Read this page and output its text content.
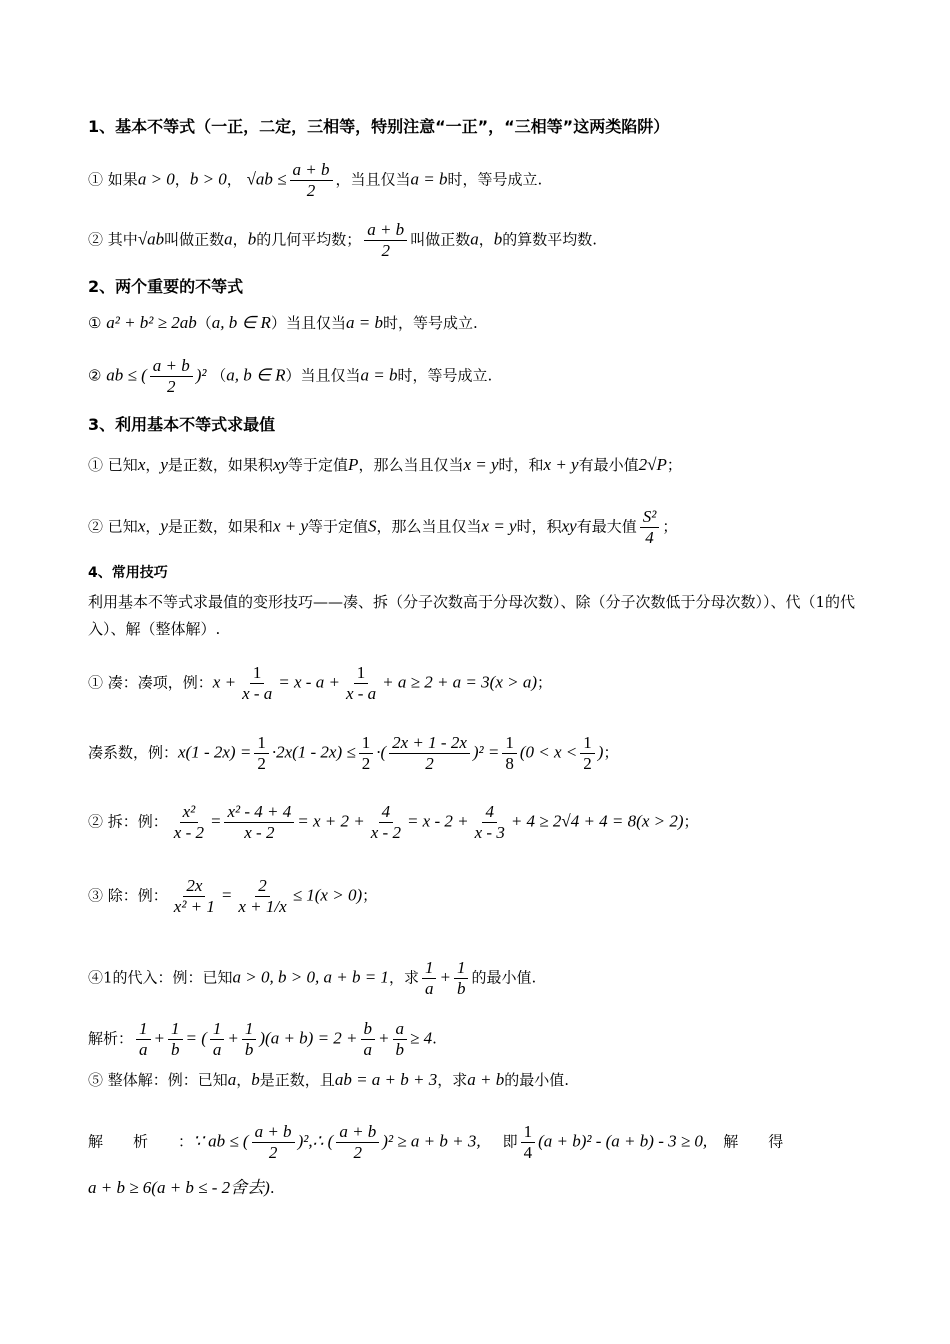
1、基本不等式（一正，二定，三相等，特别注意“一正”，“三相等”这两类陷阱）
① 如果a > 0，b > 0， $√ab \le \frac{a + b}{2}$ ，当且仅当a = b时，等号成立.
② 其中√ab叫做正数a，b的几何平均数； $\frac{a + b}{2}$ 叫做正数a，b的算数平均数.
2、两个重要的不等式
① a² + b² ≥ 2ab（a, b ∈ R）当且仅当a = b时，等号成立.
② ab ≤ ( $\frac{a + b}{2} )^2$ （a, b ∈ R）当且仅当a = b时，等号成立.
3、利用基本不等式求最值
① 已知x，y是正数，如果积xy等于定值P，那么当且仅当x = y时，和x + y有最小值2√P；
② 已知x，y是正数，如果和x + y等于定值S，那么当且仅当x = y时，积xy有最大值 $\frac{\text{S²}}{4}$ ；
4、常用技巧
利用基本不等式求最值的变形技巧——凑、拆（分子次数高于分母次数）、除（分子次数低于分母次数））、代（1的代入）、解（整体解）.
① 凑：凑项，例：$x + \frac{1}{x - a} = x - a + \frac{1}{x - a} + a \ge 2 + a = 3(x > a)$；
凑系数，例：$x(1 - 2x) = \frac{1}{2} \cdot 2x(1 - 2x) \le \frac{1}{2}$ ·( $\frac{2x + 1 - 2x}{2} )^2 = \frac{1}{8} (0 < x < \frac{1}{2}$ )；
② 拆：例： $\frac{\text{x²}}{x - 2} = \frac{\text{x² - 4 + 4}}{x - 2} = x + 2 + \frac{4}{x - 2} = x - 2 + \frac{4}{x - 3} + 4 \ge 2√4 + 4 = 8(x > 2)$；
③ 除：例： $\frac{2x}{\text{x² + 1}} = \frac{2}{x + 1/x} \le 1(x > 0)$；
④1的代入：例：已知a > 0, b > 0, a + b = 1，求 $\frac{1}{a} + \frac{1}{b}$ 的最小值.
解析： $\frac{1}{a} + \frac{1}{b}$ = ( $\frac{1}{a} + \frac{1}{b} )(a + b) = 2 + \frac{b}{a} + \frac{a}{b} \ge 4$.
⑤ 整体解：例：已知a，b是正数，且ab = a + b + 3，求a + b的最小值.
解　　析　　：∵ ab ≤ ( $\frac{a + b}{2}$ )²,∴ ( $\frac{a + b}{2} )^2 \ge a + b + 3$, 即 $\frac{1}{4} (a + b)^2 - (a + b) - 3 \ge 0$, 解　　得
a + b ≥ 6(a + b ≤ - 2舍去).
